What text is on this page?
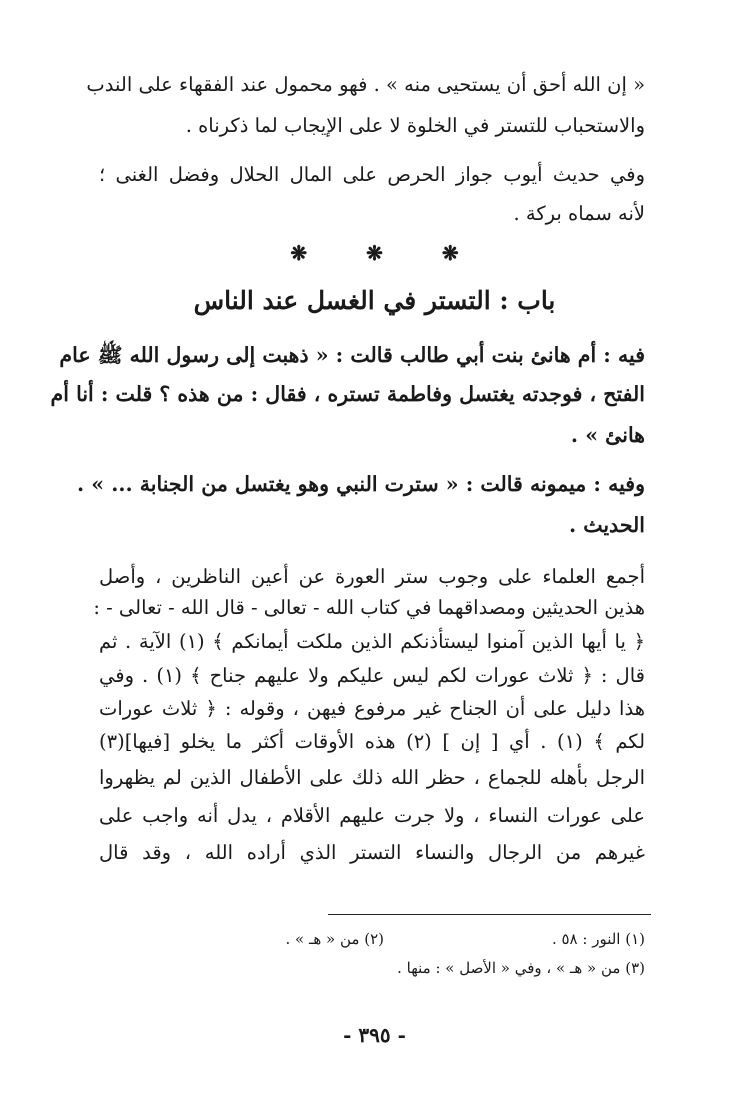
« إن الله أحق أن يستحيى منه » . فهو محمول عند الفقهاء على الندب
والاستحباب للتستر في الخلوة لا على الإيجاب لما ذكرناه .
وفي حديث أيوب جواز الحرص على المال الحلال وفضل الغنى ؛
لأنه سماه بركة .
❋	❋	❋
باب : التستر في الغسل عند الناس
فيه : أم هانئ بنت أبي طالب قالت : « ذهبت إلى رسول الله ﷺ عام
الفتح ، فوجدته يغتسل وفاطمة تستره ، فقال : من هذه ؟ قلت : أنا أم
هانئ » .
وفيه : ميمونه قالت : « سترت النبي وهو يغتسل من الجنابة ... » .
الحديث .
أجمع العلماء على وجوب ستر العورة عن أعين الناظرين ، وأصل
هذين الحديثين ومصداقهما في كتاب الله - تعالى - قال الله - تعالى - :
﴿ يا أيها الذين آمنوا ليستأذنكم الذين ملكت أيمانكم ﴾ (١) الآية . ثم
قال : ﴿ ثلاث عورات لكم ليس عليكم ولا عليهم جناح ﴾ (١) . وفي
هذا دليل على أن الجناح غير مرفوع فيهن ، وقوله : ﴿ ثلاث عورات
لكم ﴾ (١) . أي [ إن ] (٢) هذه الأوقات أكثر ما يخلو [فيها](٣)
الرجل بأهله للجماع ، حظر الله ذلك على الأطفال الذين لم يظهروا
على عورات النساء ، ولا جرت عليهم الأقلام ، يدل أنه واجب على
غيرهم من الرجال والنساء التستر الذي أراده الله ، وقد قال
(١) النور : ٥٨ .
(٢) من « هـ » .
(٣) من « هـ » ، وفي « الأصل » : منها .
- ٣٩٥ -
